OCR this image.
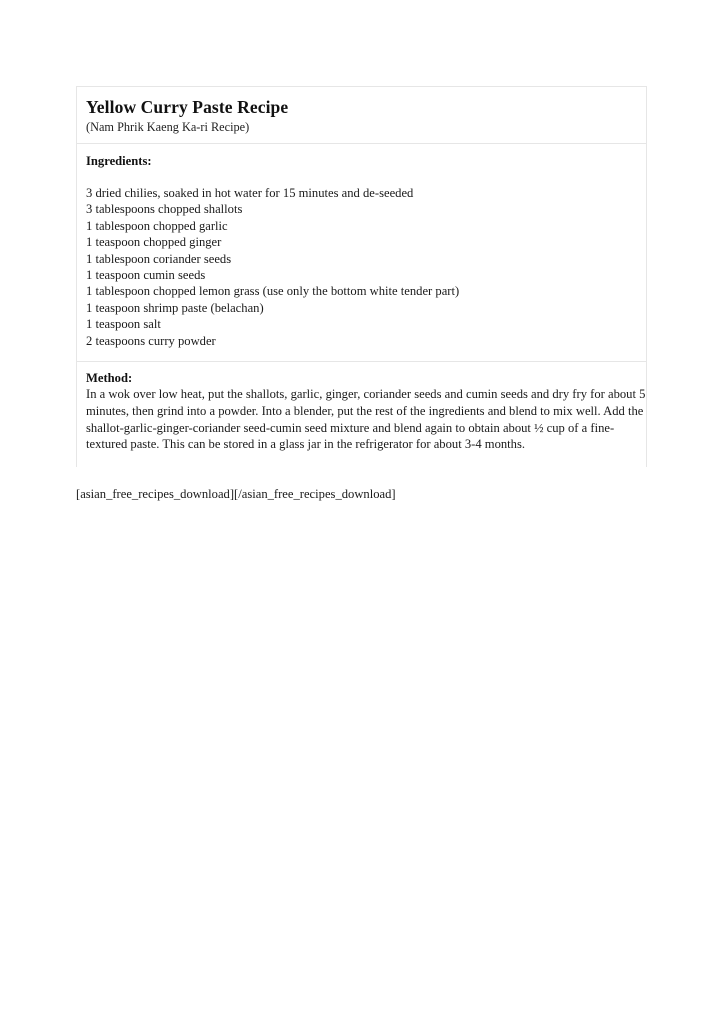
Yellow Curry Paste Recipe
(Nam Phrik Kaeng Ka-ri Recipe)
Ingredients:
3 dried chilies, soaked in hot water for 15 minutes and de-seeded
3 tablespoons chopped shallots
1 tablespoon chopped garlic
1 teaspoon chopped ginger
1 tablespoon coriander seeds
1 teaspoon cumin seeds
1 tablespoon chopped lemon grass (use only the bottom white tender part)
1 teaspoon shrimp paste (belachan)
1 teaspoon salt
2 teaspoons curry powder
Method:

In a wok over low heat, put the shallots, garlic, ginger, coriander seeds and cumin seeds and dry fry for about 5 minutes, then grind into a powder. Into a blender, put the rest of the ingredients and blend to mix well. Add the shallot-garlic-ginger-coriander seed-cumin seed mixture and blend again to obtain about ½ cup of a fine-textured paste. This can be stored in a glass jar in the refrigerator for about 3-4 months.

[asian_free_recipes_download][/asian_free_recipes_download]
